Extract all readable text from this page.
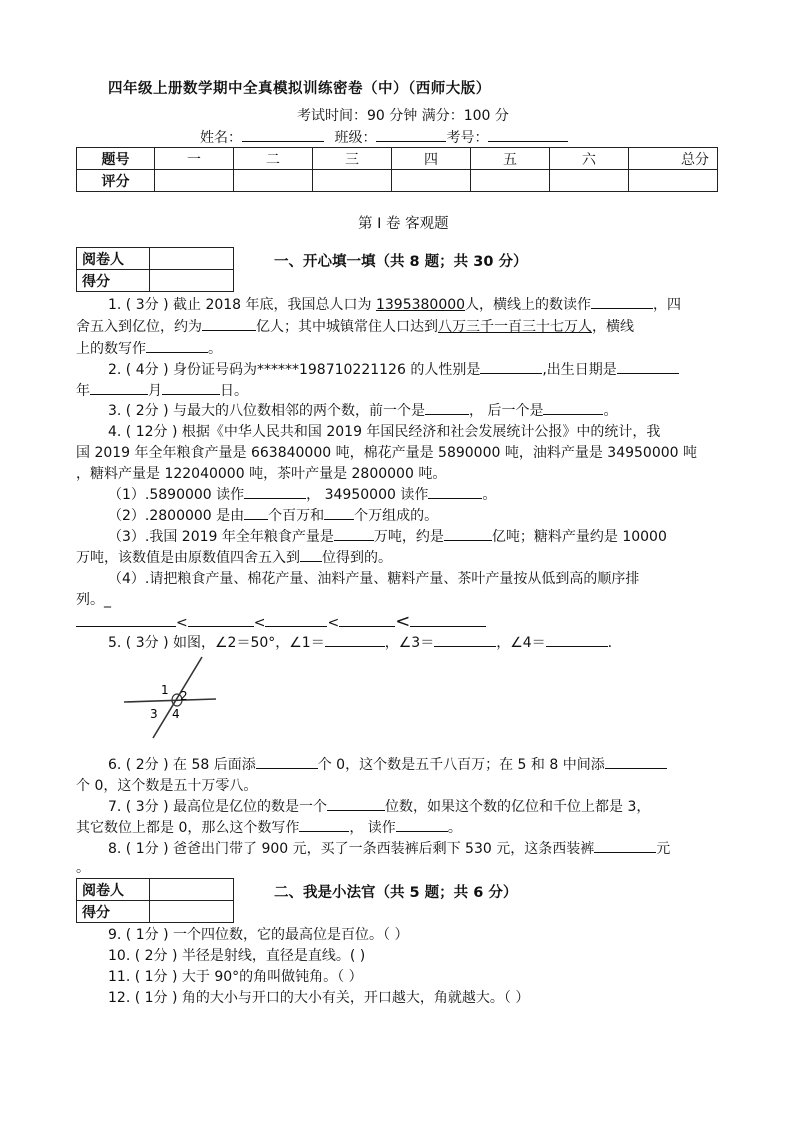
四年级上册数学期中全真模拟训练密卷（中）（西师大版）
考试时间：90 分钟 满分：100 分
姓名：	班级：	考号：
题号	一	二	三	四	五	六	总分
评分							
第 I 卷 客观题
阅卷人	
得分	
一、开心填一填（共 8 题；共 30 分）
1. ( 3分 ) 截止 2018 年底，我国总人口为 1395380000人，横线上的数读作	，四
舍五入到亿位，约为	亿人；其中城镇常住人口达到八万三千一百三十七万人，横线
上的数写作	。
2. ( 4分 ) 身份证号码为******198710221126 的人性别是	,出生日期是
年	月	日。
3. ( 2分 ) 与最大的八位数相邻的两个数，前一个是	， 后一个是	。
4. ( 12分 ) 根据《中华人民共和国 2019 年国民经济和社会发展统计公报》中的统计，我
国 2019 年全年粮食产量是 663840000 吨，棉花产量是 5890000 吨，油料产量是 34950000 吨
，糖料产量是 122040000 吨，茶叶产量是 2800000 吨。
（1）.5890000 读作	， 34950000 读作	。
（2）.2800000 是由 个百万和 个万组成的。
（3）.我国 2019 年全年粮食产量是	万吨，约是	亿吨；糖料产量约是 10000
万吨，该数值是由原数值四舍五入到 位得到的。
（4）.请把粮食产量、棉花产量、油料产量、糖料产量、茶叶产量按从低到高的顺序排
列。_
<	<	<	<
5. ( 3分 ) 如图，∠2＝50°，∠1＝	，∠3＝	，∠4＝	.
1 2
3 4
6. ( 2分 ) 在 58 后面添	个 0，这个数是五千八百万；在 5 和 8 中间添
个 0，这个数是五十万零八。
7. ( 3分 ) 最高位是亿位的数是一个	位数，如果这个数的亿位和千位上都是 3，
其它数位上都是 0，那么这个数写作	， 读作	。
8. ( 1分 ) 爸爸出门带了 900 元，买了一条西装裤后剩下 530 元，这条西装裤	元
。
阅卷人	
得分	
二、我是小法官（共 5 题；共 6 分）
9. ( 1分 ) 一个四位数，它的最高位是百位。（ ）
10. ( 2分 ) 半径是射线，直径是直线。( )
11. ( 1分 ) 大于 90°的角叫做钝角。（ ）
12. ( 1分 ) 角的大小与开口的大小有关，开口越大，角就越大。（ ）
